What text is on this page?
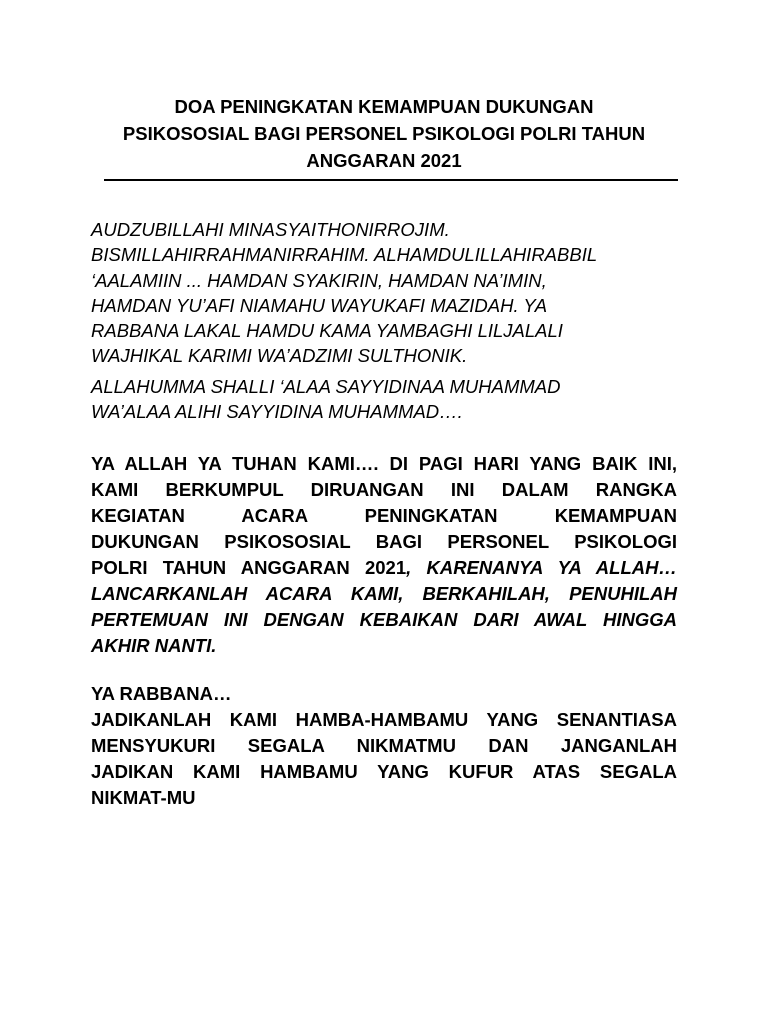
DOA PENINGKATAN KEMAMPUAN DUKUNGAN
PSIKOSOSIAL BAGI PERSONEL PSIKOLOGI POLRI TAHUN
ANGGARAN 2021

AUDZUBILLAHI MINASYAITHONIRROJIM.
BISMILLAHIRRAHMANIRRAHIM. ALHAMDULILLAHIRABBIL
‘AALAMIIN ... HAMDAN SYAKIRIN, HAMDAN NA’IMIN,
HAMDAN YU’AFI NIAMAHU WAYUKAFI MAZIDAH. YA
RABBANA LAKAL HAMDU KAMA YAMBAGHI LILJALALI
WAJHIKAL KARIMI WA’ADZIMI SULTHONIK.

ALLAHUMMA SHALLI ‘ALAA SAYYIDINAA MUHAMMAD
WA’ALAA ALIHI SAYYIDINA MUHAMMAD….

YA ALLAH YA TUHAN KAMI…. DI PAGI HARI YANG BAIK INI,
KAMI BERKUMPUL DIRUANGAN INI DALAM RANGKA
KEGIATAN ACARA PENINGKATAN KEMAMPUAN
DUKUNGAN PSIKOSOSIAL BAGI PERSONEL PSIKOLOGI
POLRI TAHUN ANGGARAN 2021, KARENANYA YA ALLAH…
LANCARKANLAH ACARA KAMI, BERKAHILAH, PENUHILAH
PERTEMUAN INI DENGAN KEBAIKAN DARI AWAL HINGGA
AKHIR NANTI.

YA RABBANA…
JADIKANLAH KAMI HAMBA-HAMBAMU YANG SENANTIASA
MENSYUKURI SEGALA NIKMATMU DAN JANGANLAH
JADIKAN KAMI HAMBAMU YANG KUFUR ATAS SEGALA
NIKMAT-MU
